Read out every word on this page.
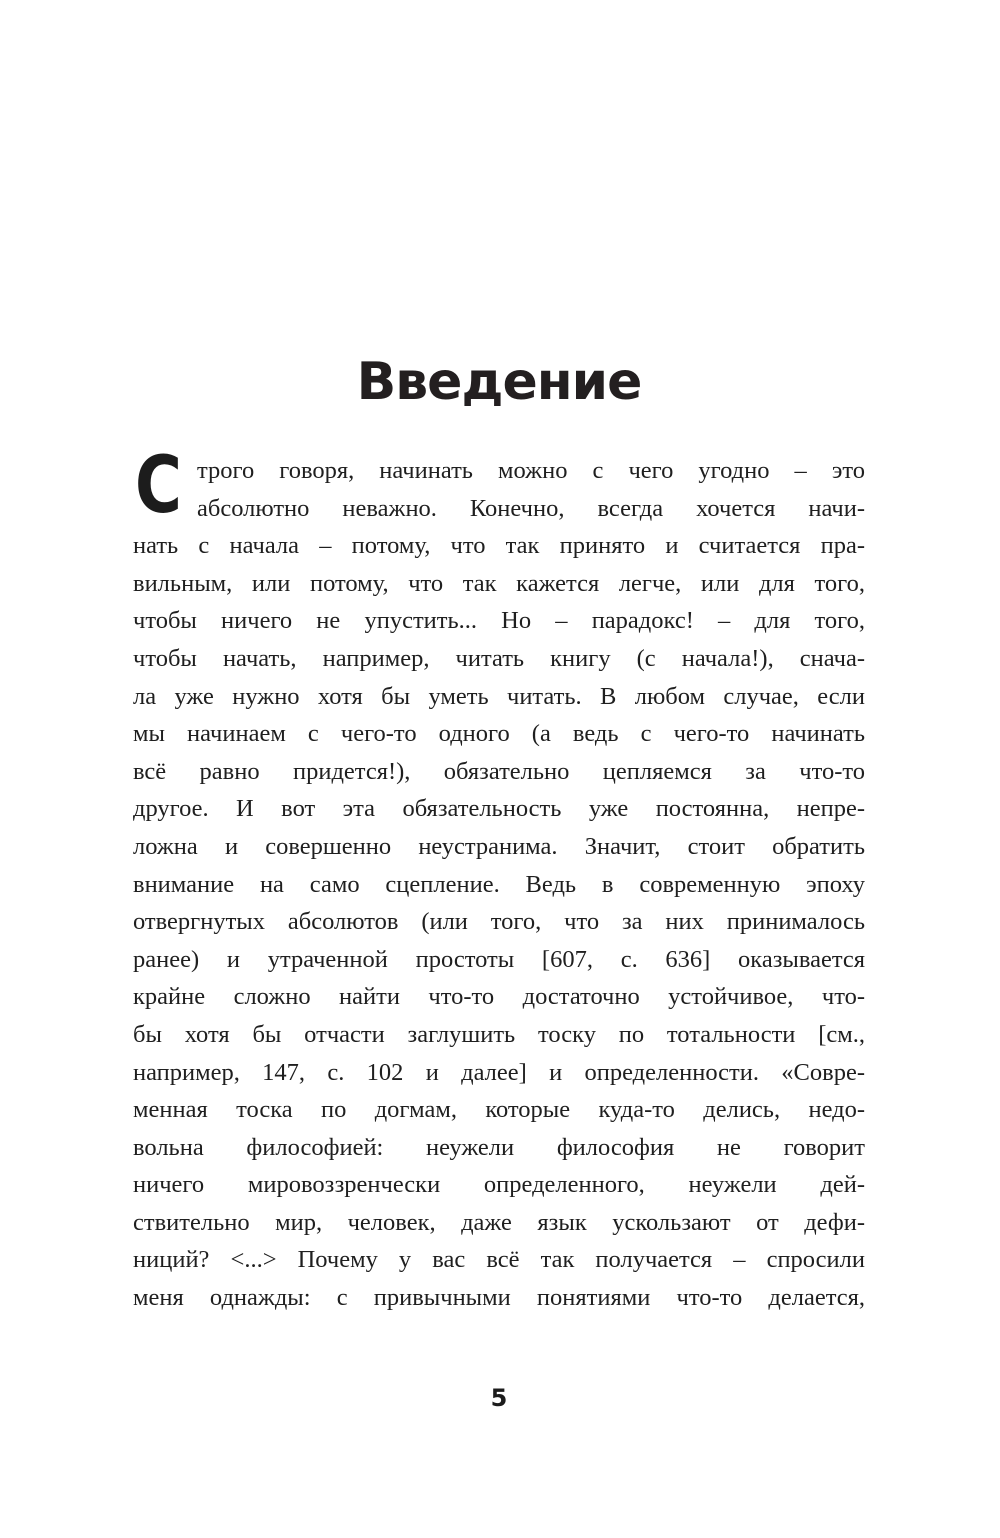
Введение
С трого говоря, начинать можно с чего угодно – это
абсолютно неважно. Конечно, всегда хочется начи-
нать с начала – потому, что так принято и считается пра-
вильным, или потому, что так кажется легче, или для того,
чтобы ничего не упустить... Но – парадокс! – для того,
чтобы начать, например, читать книгу (с начала!), снача-
ла уже нужно хотя бы уметь читать. В любом случае, если
мы начинаем с чего-то одного (а ведь с чего-то начинать
всё равно придется!), обязательно цепляемся за что-то
другое. И вот эта обязательность уже постоянна, непре-
ложна и совершенно неустранима. Значит, стоит обратить
внимание на само сцепление. Ведь в современную эпоху
отвергнутых абсолютов (или того, что за них принималось
ранее) и утраченной простоты [607, с. 636] оказывается
крайне сложно найти что-то достаточно устойчивое, что-
бы хотя бы отчасти заглушить тоску по тотальности [см.,
например, 147, с. 102 и далее] и определенности. «Совре-
менная тоска по догмам, которые куда-то делись, недо-
вольна философией: неужели философия не говорит
ничего мировоззренчески определенного, неужели дей-
ствительно мир, человек, даже язык ускользают от дефи-
ниций? <...> Почему у вас всё так получается – спросили
меня однажды: с привычными понятиями что-то делается,
5
